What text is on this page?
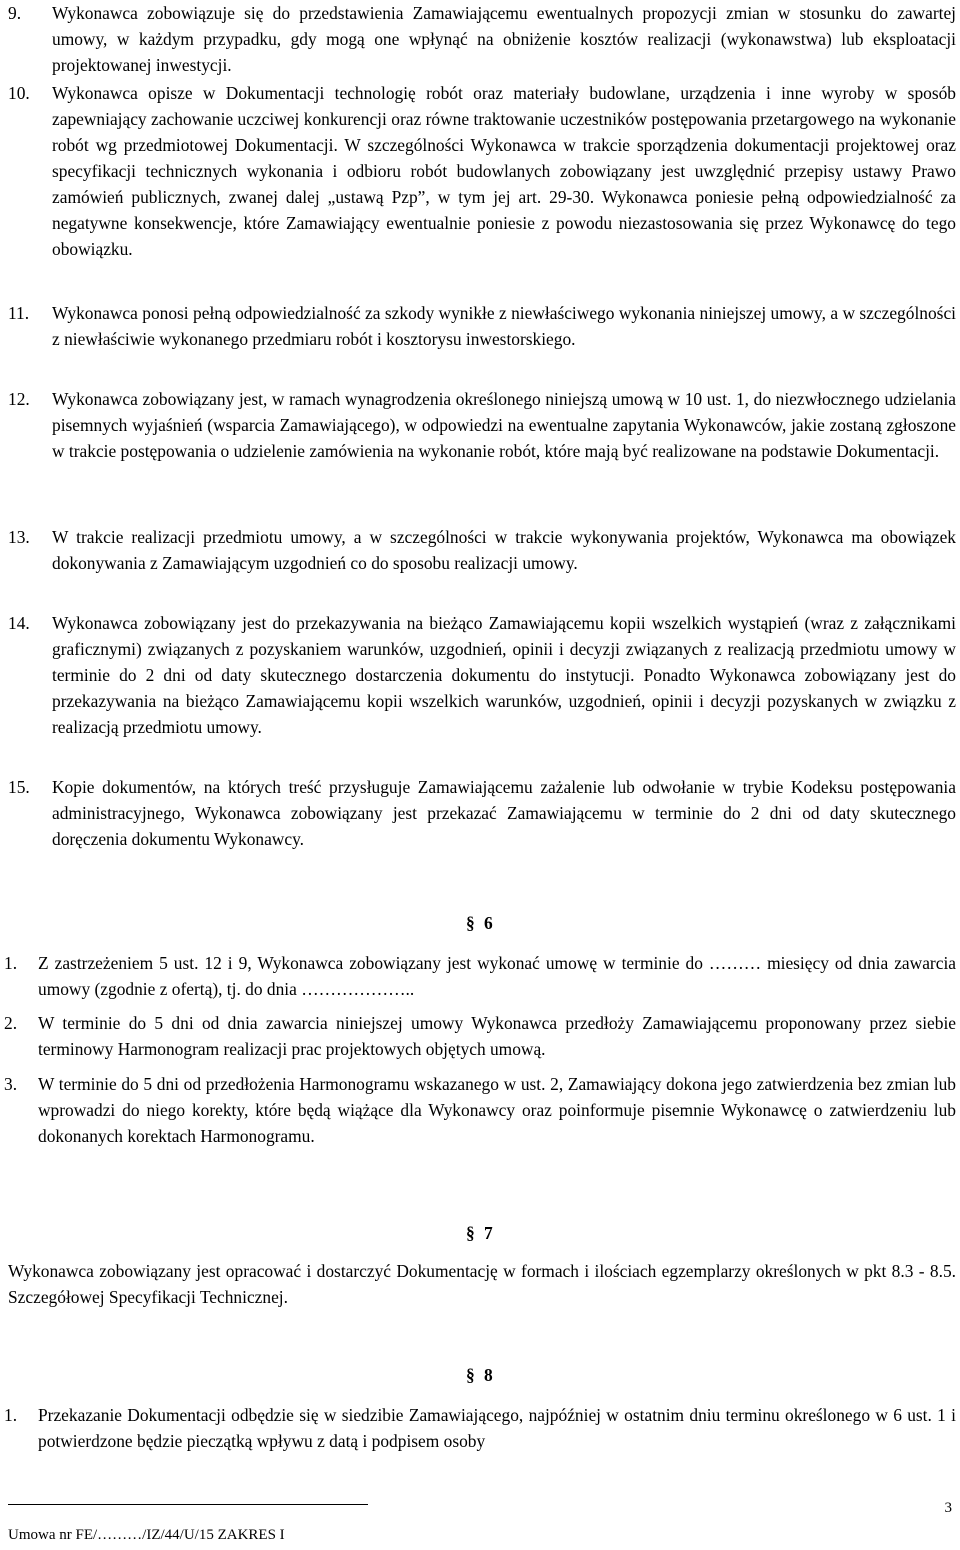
9. Wykonawca zobowiązuje się do przedstawienia Zamawiającemu ewentualnych propozycji zmian w stosunku do zawartej umowy, w każdym przypadku, gdy mogą one wpłynąć na obniżenie kosztów realizacji (wykonawstwa) lub eksploatacji projektowanej inwestycji.
10. Wykonawca opisze w Dokumentacji technologię robót oraz materiały budowlane, urządzenia i inne wyroby w sposób zapewniający zachowanie uczciwej konkurencji oraz równe traktowanie uczestników postępowania przetargowego na wykonanie robót wg przedmiotowej Dokumentacji. W szczególności Wykonawca w trakcie sporządzenia dokumentacji projektowej oraz specyfikacji technicznych wykonania i odbioru robót budowlanych zobowiązany jest uwzględnić przepisy ustawy Prawo zamówień publicznych, zwanej dalej „ustawą Pzp”, w tym jej art. 29-30. Wykonawca poniesie pełną odpowiedzialność za negatywne konsekwencje, które Zamawiający ewentualnie poniesie z powodu niezastosowania się przez Wykonawcę do tego obowiązku.
11. Wykonawca ponosi pełną odpowiedzialność za szkody wynikłe z niewłaściwego wykonania niniejszej umowy, a w szczególności z niewłaściwie wykonanego przedmiaru robót i kosztorysu inwestorskiego.
12. Wykonawca zobowiązany jest, w ramach wynagrodzenia określonego niniejszą umową w 10 ust. 1, do niezwłocznego udzielania pisemnych wyjaśnień (wsparcia Zamawiającego), w odpowiedzi na ewentualne zapytania Wykonawców, jakie zostaną zgłoszone w trakcie postępowania o udzielenie zamówienia na wykonanie robót, które mają być realizowane na podstawie Dokumentacji.
13. W trakcie realizacji przedmiotu umowy, a w szczególności w trakcie wykonywania projektów, Wykonawca ma obowiązek dokonywania z Zamawiającym uzgodnień co do sposobu realizacji umowy.
14. Wykonawca zobowiązany jest do przekazywania na bieżąco Zamawiającemu kopii wszelkich wystąpień (wraz z załącznikami graficznymi) związanych z pozyskaniem warunków, uzgodnień, opinii i decyzji związanych z realizacją przedmiotu umowy w terminie do 2 dni od daty skutecznego dostarczenia dokumentu do instytucji. Ponadto Wykonawca zobowiązany jest do przekazywania na bieżąco Zamawiającemu kopii wszelkich warunków, uzgodnień, opinii i decyzji pozyskanych w związku z realizacją przedmiotu umowy.
15. Kopie dokumentów, na których treść przysługuje Zamawiającemu zażalenie lub odwołanie w trybie Kodeksu postępowania administracyjnego, Wykonawca zobowiązany jest przekazać Zamawiającemu w terminie do 2 dni od daty skutecznego doręczenia dokumentu Wykonawcy.
§ 6
1. Z zastrzeżeniem 5 ust. 12 i 9, Wykonawca zobowiązany jest wykonać umowę w terminie do ……… miesięcy od dnia zawarcia umowy (zgodnie z ofertą), tj. do dnia ………………..
2. W terminie do 5 dni od dnia zawarcia niniejszej umowy Wykonawca przedłoży Zamawiającemu proponowany przez siebie terminowy Harmonogram realizacji prac projektowych objętych umową.
3. W terminie do 5 dni od przedłożenia Harmonogramu wskazanego w ust. 2, Zamawiający dokona jego zatwierdzenia bez zmian lub wprowadzi do niego korekty, które będą wiążące dla Wykonawcy oraz poinformuje pisemnie Wykonawcę o zatwierdzeniu lub dokonanych korektach Harmonogramu.
§ 7
Wykonawca zobowiązany jest opracować i dostarczyć Dokumentację w formach i ilościach egzemplarzy określonych w pkt 8.3 - 8.5. Szczegółowej Specyfikacji Technicznej.
§ 8
1. Przekazanie Dokumentacji odbędzie się w siedzibie Zamawiającego, najpóźniej w ostatnim dniu terminu określonego w 6 ust. 1 i potwierdzone będzie pieczątką wpływu z datą i podpisem osoby
3
Umowa nr FE/………/IZ/44/U/15 ZAKRES I
